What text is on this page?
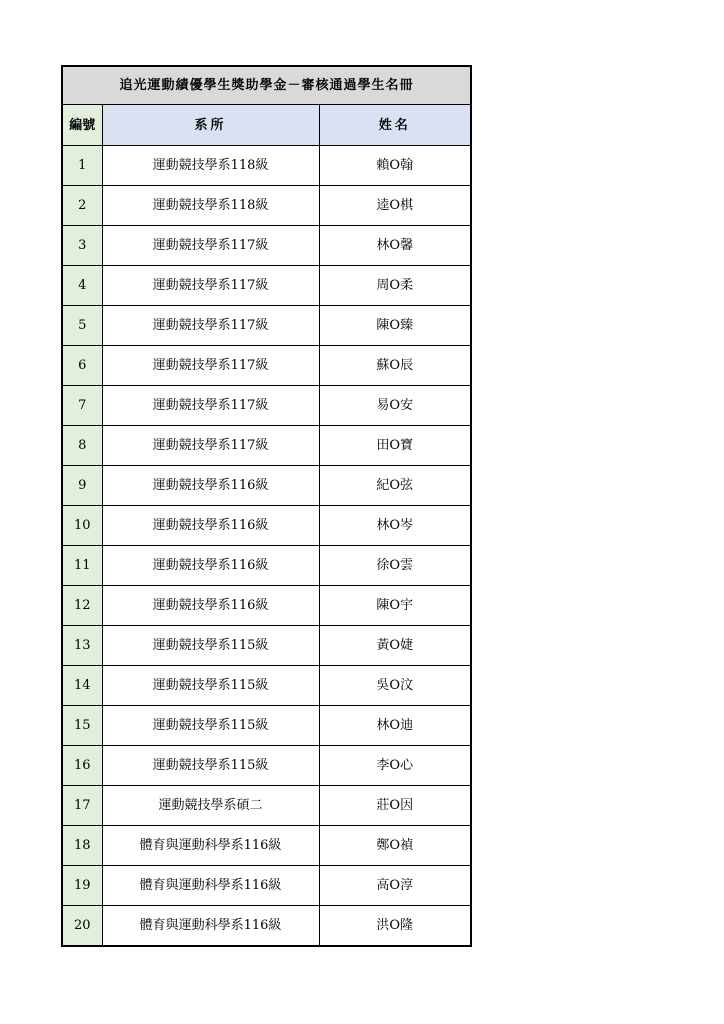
追光運動績優學生獎助學金－審核通過學生名冊		
編號	系所	姓名
1	運動競技學系118級	賴O翰
2	運動競技學系118級	逵O棋
3	運動競技學系117級	林O馨
4	運動競技學系117級	周O柔
5	運動競技學系117級	陳O臻
6	運動競技學系117級	蘇O辰
7	運動競技學系117級	易O安
8	運動競技學系117級	田O寶
9	運動競技學系116級	紀O弦
10	運動競技學系116級	林O岑
11	運動競技學系116級	徐O雲
12	運動競技學系116級	陳O宇
13	運動競技學系115級	黃O婕
14	運動競技學系115級	吳O汶
15	運動競技學系115級	林O迪
16	運動競技學系115級	李O心
17	運動競技學系碩二	莊O因
18	體育與運動科學系116級	鄭O禎
19	體育與運動科學系116級	高O淳
20	體育與運動科學系116級	洪O隆
